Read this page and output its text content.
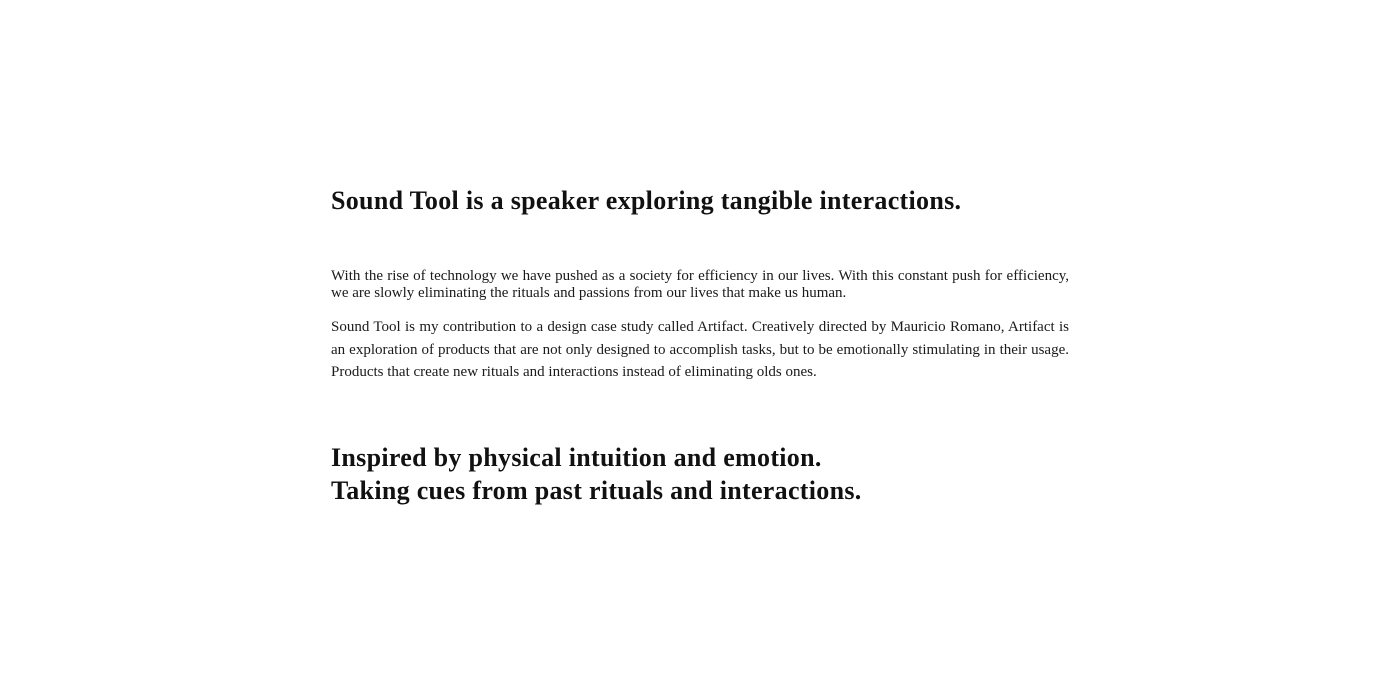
Sound Tool is a speaker exploring tangible interactions.

With the rise of technology we have pushed as a society for efficiency in our lives. With this constant push for efficiency, we are slowly eliminating the rituals and passions from our lives that make us human.

Sound Tool is my contribution to a design case study called Artifact. Creatively directed by Mauricio Romano, Artifact is an exploration of products that are not only designed to accomplish tasks, but to be emotionally stimulating in their usage. Products that create new rituals and interactions instead of eliminating olds ones.

Inspired by physical intuition and emotion.
Taking cues from past rituals and interactions.
